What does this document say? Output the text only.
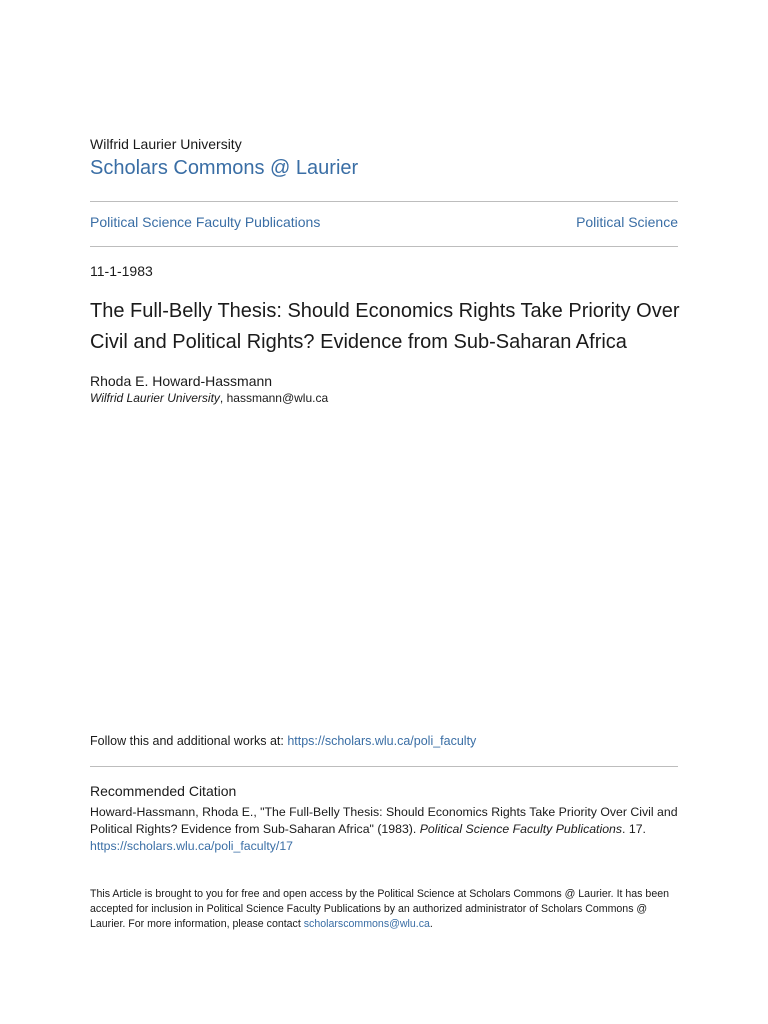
Wilfrid Laurier University
Scholars Commons @ Laurier
Political Science Faculty Publications	Political Science
11-1-1983
The Full-Belly Thesis: Should Economics Rights Take Priority Over
Civil and Political Rights? Evidence from Sub-Saharan Africa
Rhoda E. Howard-Hassmann
Wilfrid Laurier University, hassmann@wlu.ca
Follow this and additional works at: https://scholars.wlu.ca/poli_faculty
Recommended Citation
Howard-Hassmann, Rhoda E., "The Full-Belly Thesis: Should Economics Rights Take Priority Over Civil and Political Rights? Evidence from Sub-Saharan Africa" (1983). Political Science Faculty Publications. 17.
https://scholars.wlu.ca/poli_faculty/17
This Article is brought to you for free and open access by the Political Science at Scholars Commons @ Laurier. It has been accepted for inclusion in Political Science Faculty Publications by an authorized administrator of Scholars Commons @ Laurier. For more information, please contact scholarscommons@wlu.ca.
